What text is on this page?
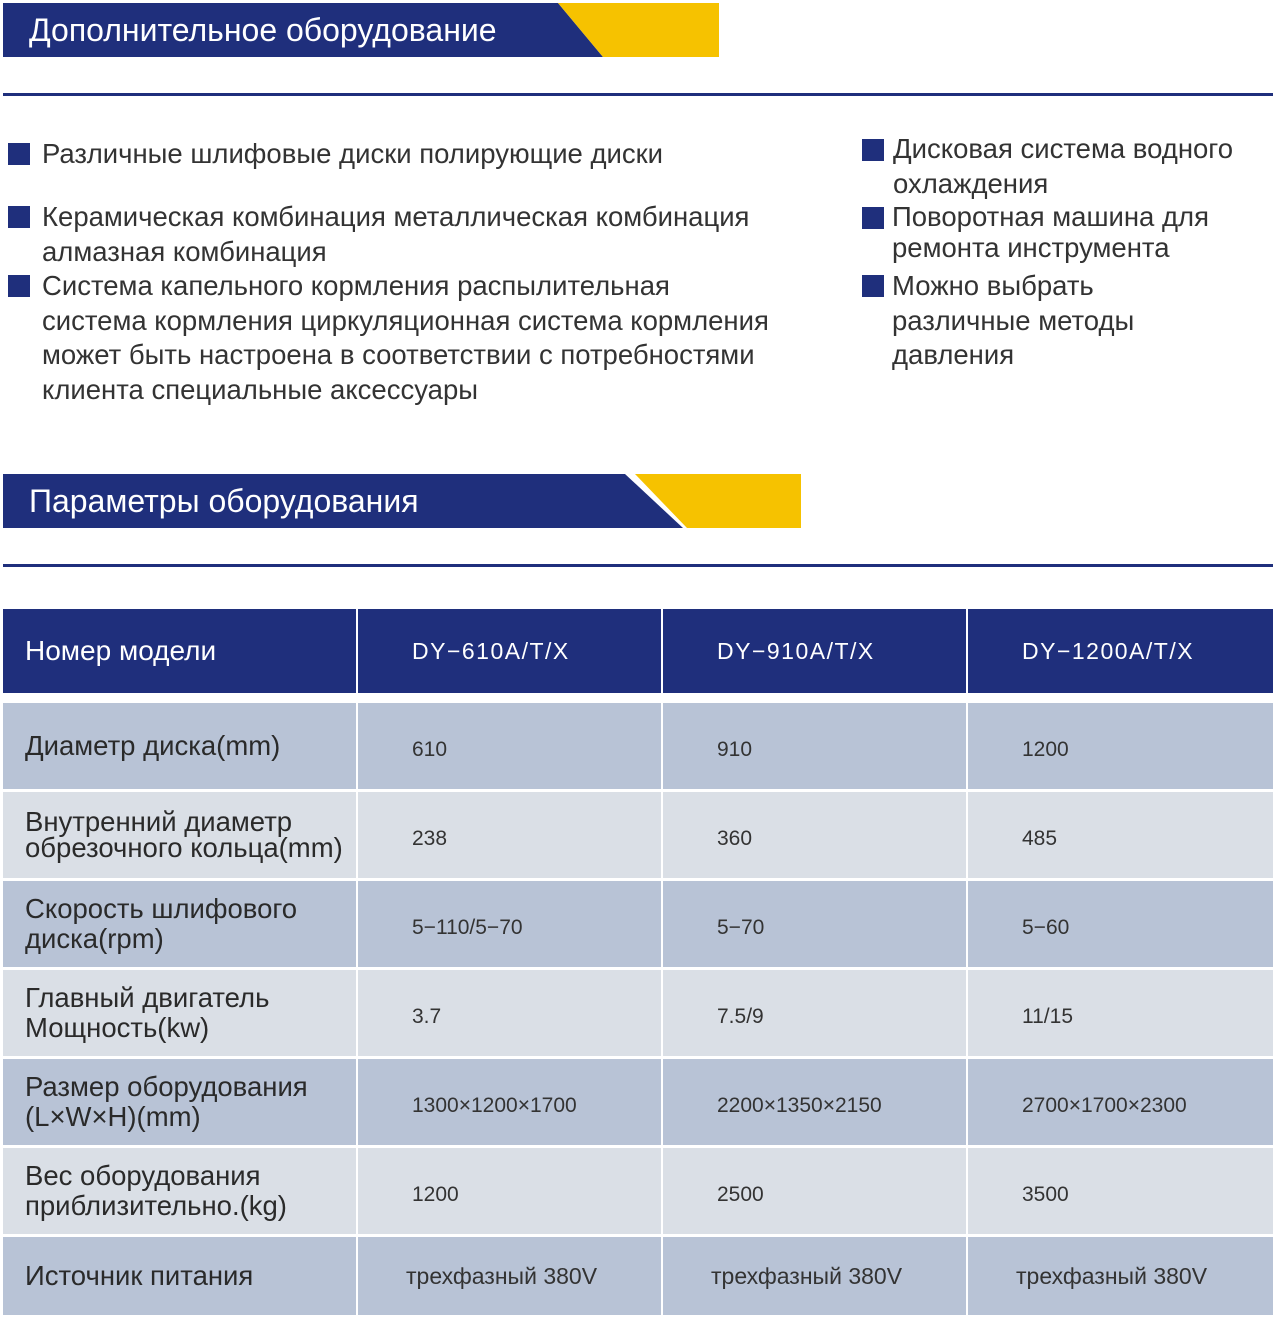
Дополнительное оборудование
Различные шлифовые диски полирующие диски
Керамическая комбинация металлическая комбинация
алмазная комбинация
Система капельного кормления распылительная
система кормления циркуляционная система кормления
может быть настроена в соответствии с потребностями
клиента специальные аксессуары
Дисковая система водного
охлаждения
Поворотная машина для
ремонта инструмента
Можно выбрать
различные методы
давления
Параметры оборудования
Номер модели	DY−610A/T/X	DY−910A/T/X	DY−1200A/T/X
Диаметр диска(mm)	610	910	1200
Внутренний диаметр
обрезочного кольца(mm)	238	360	485
Скорость шлифового
диска(rpm)	5−110/5−70	5−70	5−60
Главный двигатель
Мощность(kw)	3.7	7.5/9	11/15
Размер оборудования
(L×W×H)(mm)	1300×1200×1700	2200×1350×2150	2700×1700×2300
Вес оборудования
приблизительно.(kg)	1200	2500	3500
Источник питания	трехфазный 380V	трехфазный 380V	трехфазный 380V
